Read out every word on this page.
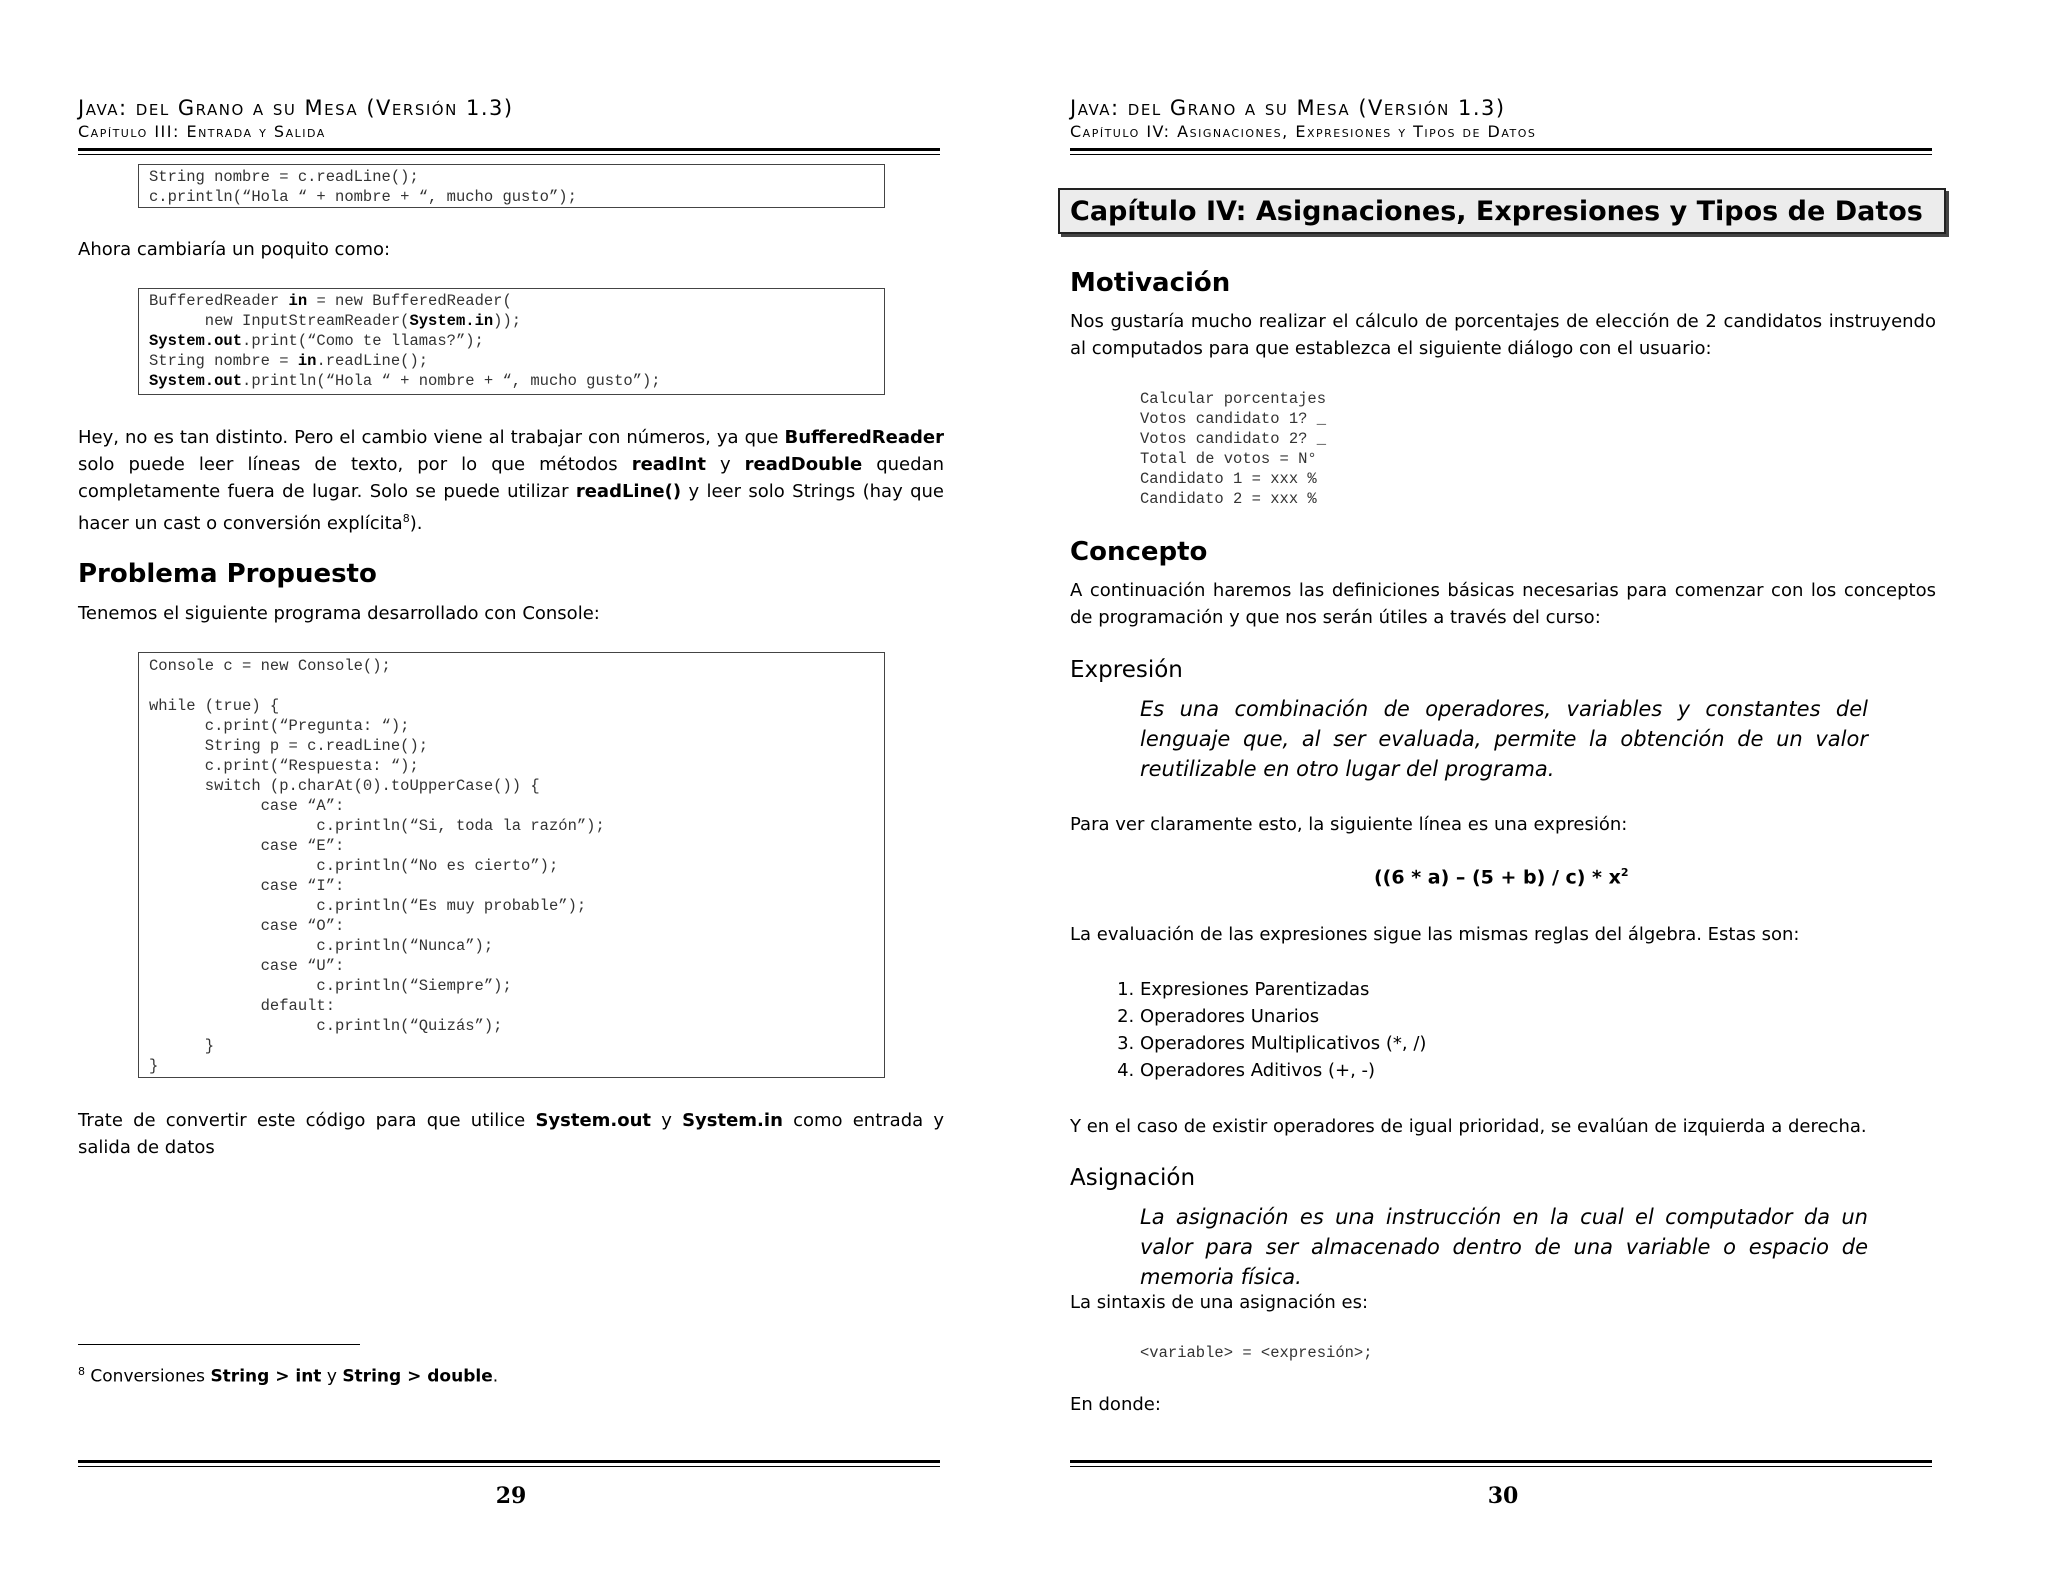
Java: del Grano a su Mesa (Versión 1.3)
Capítulo III: Entrada y Salida
String nombre = c.readLine();
c.println(“Hola “ + nombre + “, mucho gusto”);
Ahora cambiaría un poquito como:
BufferedReader in = new BufferedReader(
new InputStreamReader(System.in));
System.out.print(“Como te llamas?”);
String nombre = in.readLine();
System.out.println(“Hola “ + nombre + “, mucho gusto”);
Hey, no es tan distinto. Pero el cambio viene al trabajar con números, ya que BufferedReader solo puede leer líneas de texto, por lo que métodos readInt y readDouble quedan completamente fuera de lugar. Solo se puede utilizar readLine() y leer solo Strings (hay que hacer un cast o conversión explícita$^8$).
Problema Propuesto
Tenemos el siguiente programa desarrollado con Console:
Console c = new Console();
while (true) {
c.print(“Pregunta: “);
String p = c.readLine();
c.print(“Respuesta: “);
switch (p.charAt(0).toUpperCase()) {
case “A”:
c.println(“Si, toda la razón”);
case “E”:
c.println(“No es cierto”);
case “I”:
c.println(“Es muy probable”);
case “O”:
c.println(“Nunca”);
case “U”:
c.println(“Siempre”);
default:
c.println(“Quizás”);
}
}
Trate de convertir este código para que utilice System.out y System.in como entrada y salida de datos
$^8$ Conversiones String > int y String > double.
29
Java: del Grano a su Mesa (Versión 1.3)
Capítulo IV: Asignaciones, Expresiones y Tipos de Datos
Capítulo IV: Asignaciones, Expresiones y Tipos de Datos
Motivación
Nos gustaría mucho realizar el cálculo de porcentajes de elección de 2 candidatos instruyendo al computados para que establezca el siguiente diálogo con el usuario:
Calcular porcentajes
Votos candidato 1? _
Votos candidato 2? _
Total de votos = N°
Candidato 1 = xxx %
Candidato 2 = xxx %
Concepto
A continuación haremos las definiciones básicas necesarias para comenzar con los conceptos de programación y que nos serán útiles a través del curso:
Expresión
Es una combinación de operadores, variables y constantes del lenguaje que, al ser evaluada, permite la obtención de un valor reutilizable en otro lugar del programa.
Para ver claramente esto, la siguiente línea es una expresión:
$((6 * a) - (5 + b) / c) * x^2$
La evaluación de las expresiones sigue las mismas reglas del álgebra. Estas son:
1. Expresiones Parentizadas
2. Operadores Unarios
3. Operadores Multiplicativos (*, /)
4. Operadores Aditivos (+, -)
Y en el caso de existir operadores de igual prioridad, se evalúan de izquierda a derecha.
Asignación
La asignación es una instrucción en la cual el computador da un valor para ser almacenado dentro de una variable o espacio de memoria física.
La sintaxis de una asignación es:
<variable> = <expresión>;
En donde:
30
